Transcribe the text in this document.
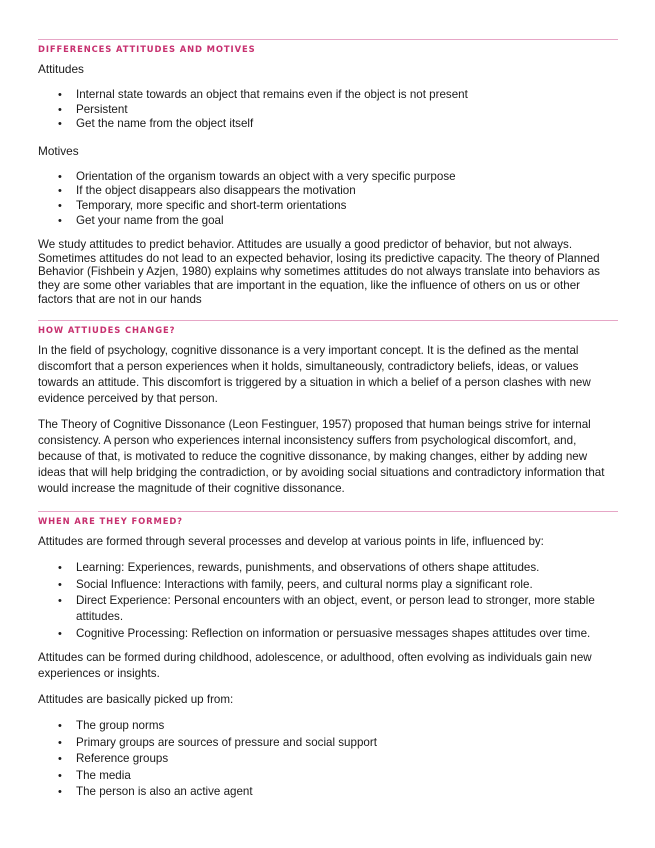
DIFFERENCES ATTITUDES AND MOTIVES
Attitudes
• Internal state towards an object that remains even if the object is not present
• Persistent
• Get the name from the object itself
Motives
• Orientation of the organism towards an object with a very specific purpose
• If the object disappears also disappears the motivation
• Temporary, more specific and short-term orientations
• Get your name from the goal
We study attitudes to predict behavior. Attitudes are usually a good predictor of behavior, but not always. Sometimes attitudes do not lead to an expected behavior, losing its predictive capacity. The theory of Planned Behavior (Fishbein y Azjen, 1980) explains why sometimes attitudes do not always translate into behaviors as they are some other variables that are important in the equation, like the influence of others on us or other factors that are not in our hands
HOW ATTIUDES CHANGE?
In the field of psychology, cognitive dissonance is a very important concept. It is the defined as the mental discomfort that a person experiences when it holds, simultaneously, contradictory beliefs, ideas, or values towards an attitude. This discomfort is triggered by a situation in which a belief of a person clashes with new evidence perceived by that person.
The Theory of Cognitive Dissonance (Leon Festinguer, 1957) proposed that human beings strive for internal consistency. A person who experiences internal inconsistency suffers from psychological discomfort, and, because of that, is motivated to reduce the cognitive dissonance, by making changes, either by adding new ideas that will help bridging the contradiction, or by avoiding social situations and contradictory information that would increase the magnitude of their cognitive dissonance.
WHEN ARE THEY FORMED?
Attitudes are formed through several processes and develop at various points in life, influenced by:
• Learning: Experiences, rewards, punishments, and observations of others shape attitudes.
• Social Influence: Interactions with family, peers, and cultural norms play a significant role.
• Direct Experience: Personal encounters with an object, event, or person lead to stronger, more stable attitudes.
• Cognitive Processing: Reflection on information or persuasive messages shapes attitudes over time.
Attitudes can be formed during childhood, adolescence, or adulthood, often evolving as individuals gain new experiences or insights.
Attitudes are basically picked up from:
• The group norms
• Primary groups are sources of pressure and social support
• Reference groups
• The media
• The person is also an active agent
